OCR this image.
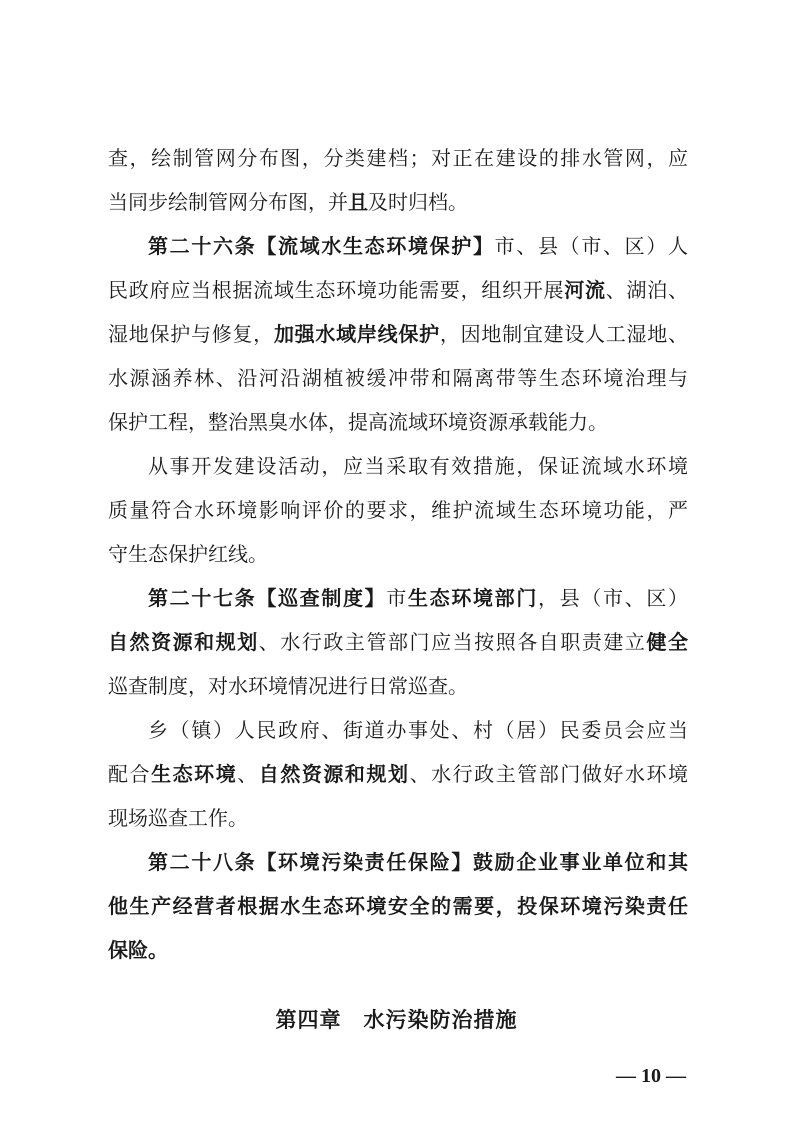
查，绘制管网分布图，分类建档；对正在建设的排水管网，应
当同步绘制管网分布图，并且及时归档。
第二十六条【流域水生态环境保护】市、县（市、区）人
民政府应当根据流域生态环境功能需要，组织开展河流、湖泊、
湿地保护与修复，加强水域岸线保护，因地制宜建设人工湿地、
水源涵养林、沿河沿湖植被缓冲带和隔离带等生态环境治理与
保护工程，整治黑臭水体，提高流域环境资源承载能力。
从事开发建设活动，应当采取有效措施，保证流域水环境
质量符合水环境影响评价的要求，维护流域生态环境功能，严
守生态保护红线。
第二十七条【巡查制度】市生态环境部门，县（市、区）
自然资源和规划、水行政主管部门应当按照各自职责建立健全
巡查制度，对水环境情况进行日常巡查。
乡（镇）人民政府、街道办事处、村（居）民委员会应当
配合生态环境、自然资源和规划、水行政主管部门做好水环境
现场巡查工作。
第二十八条【环境污染责任保险】鼓励企业事业单位和其
他生产经营者根据水生态环境安全的需要，投保环境污染责任
保险。
第四章　水污染防治措施
— 10 —
